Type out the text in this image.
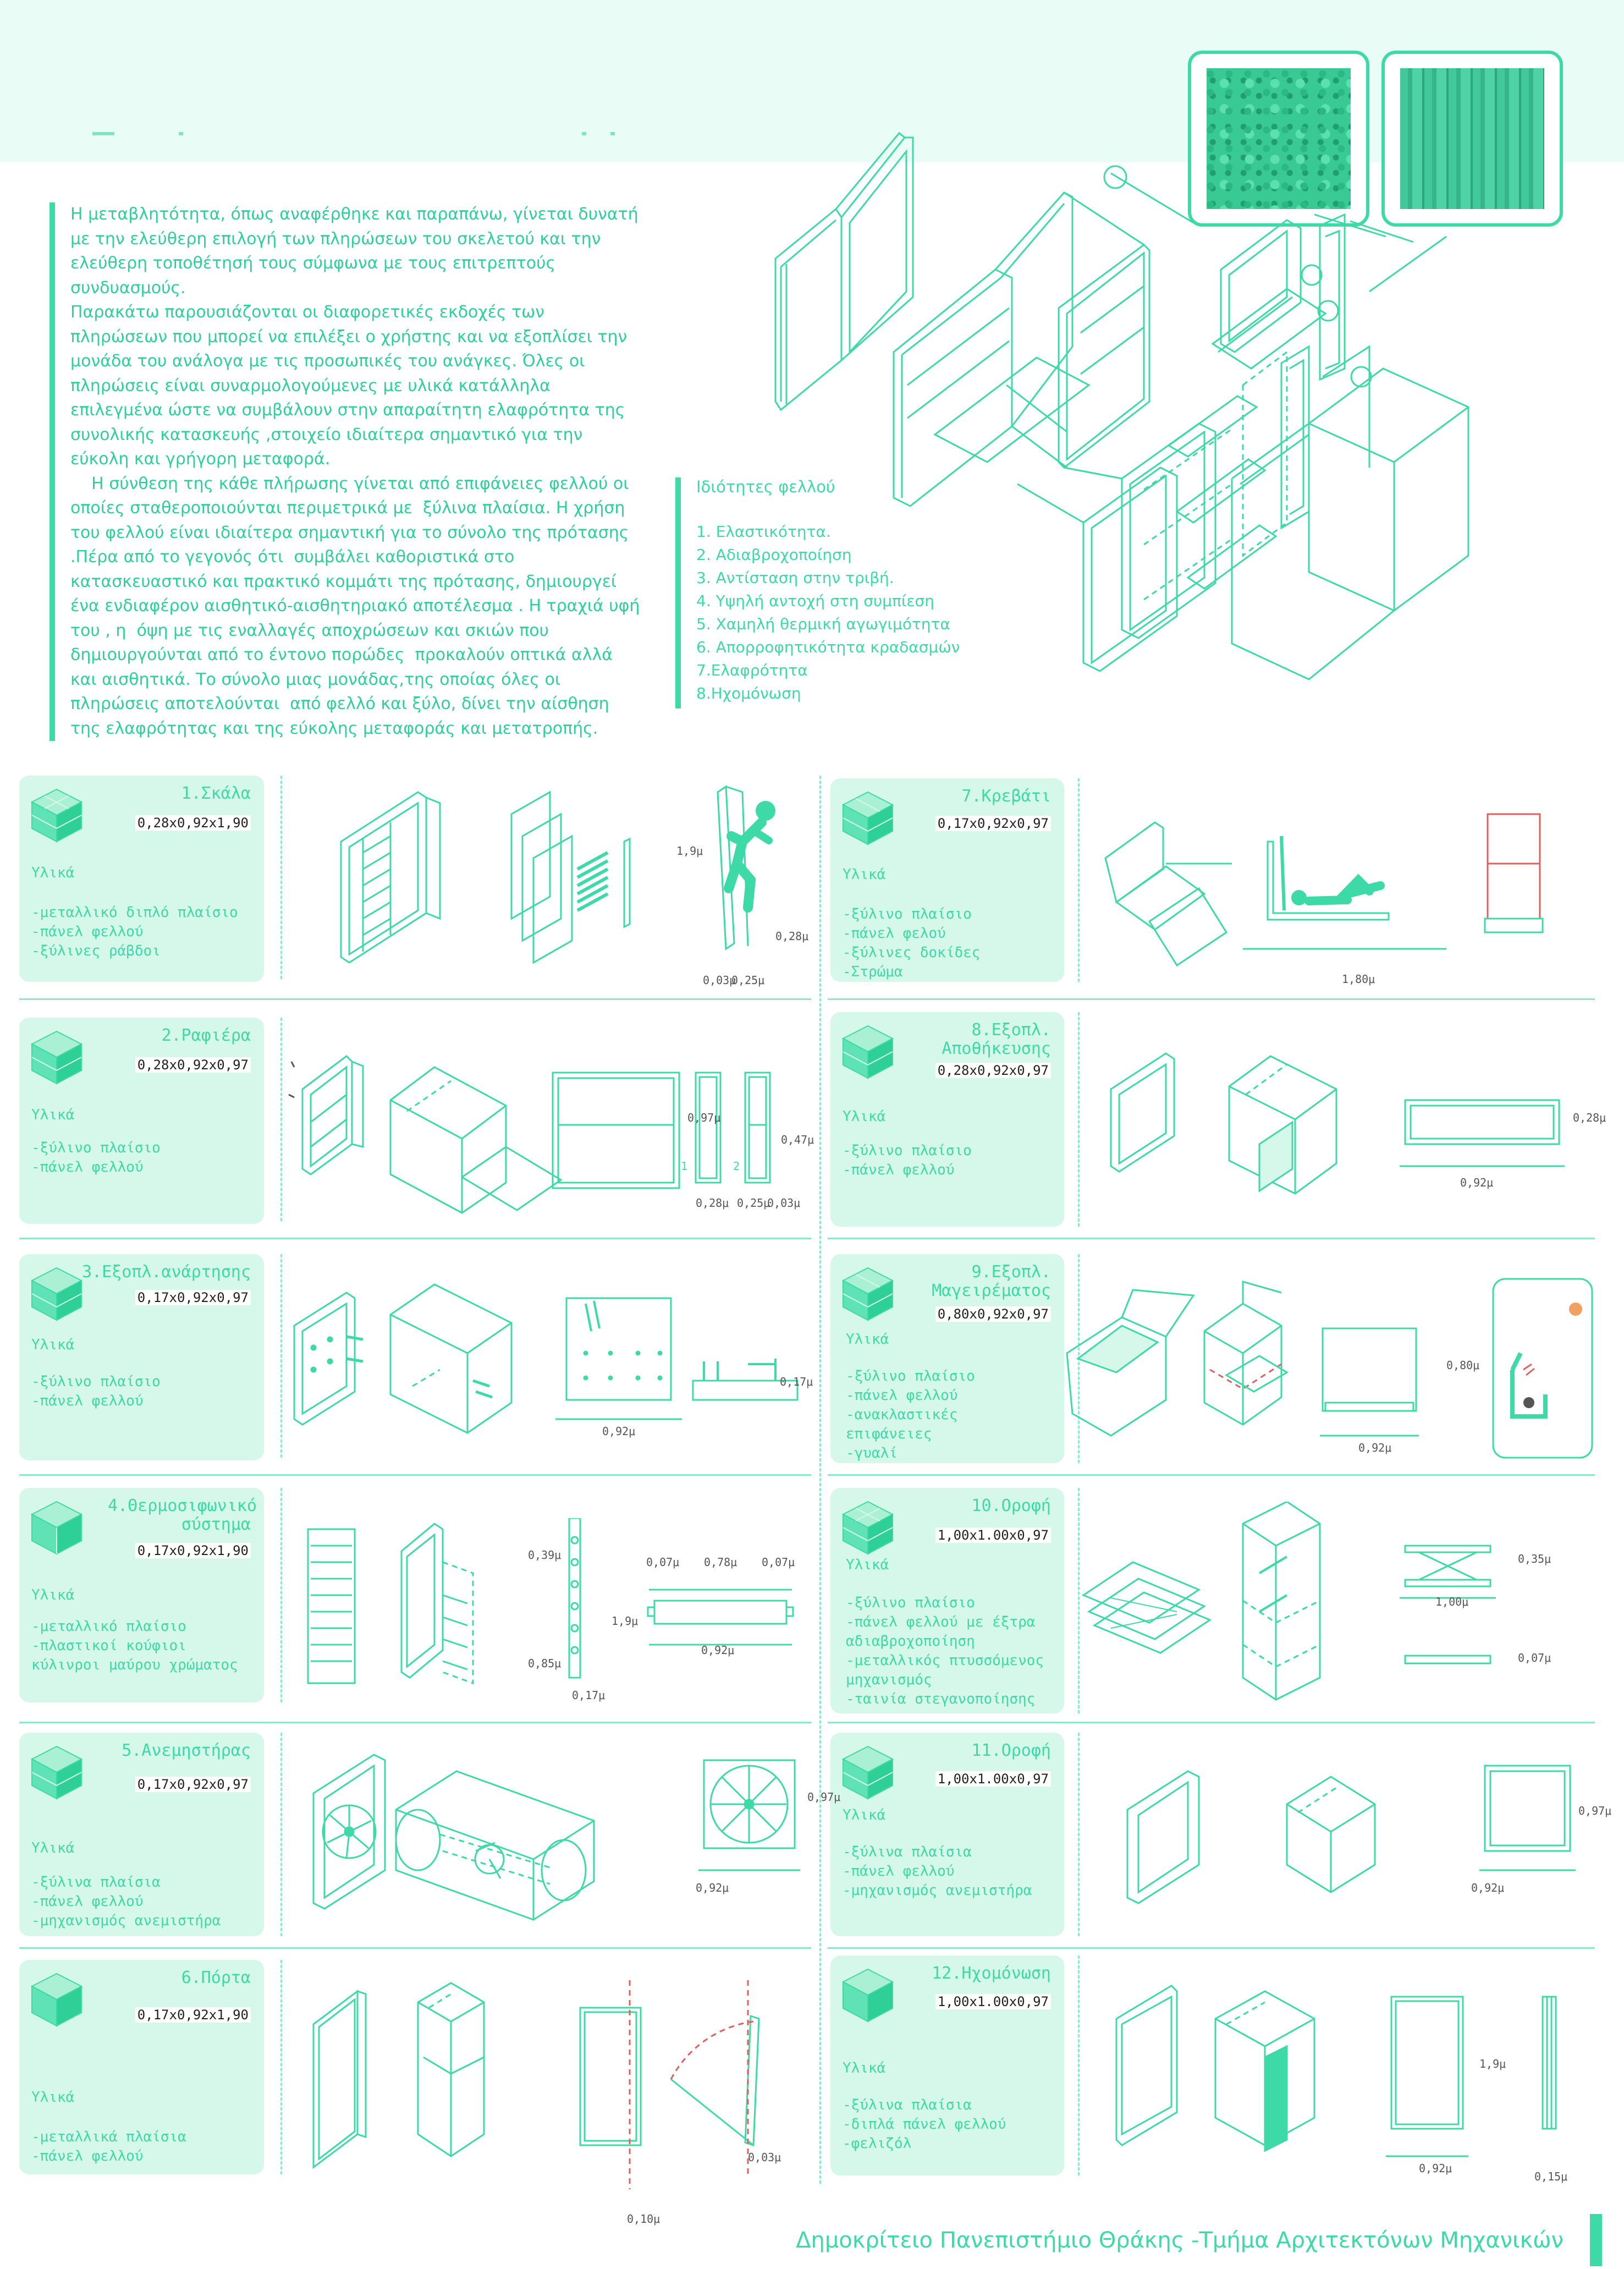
Η μεταβλητότητα, όπως αναφέρθηκε και παραπάνω, γίνεται δυνατή με την ελεύθερη επιλογή των πληρώσεων του σκελετού και την ελεύθερη τοποθέτησή τους σύμφωνα με τους επιτρεπτούς συνδυασμούς.

Παρακάτω παρουσιάζονται οι διαφορετικές εκδοχές των πληρώσεων που μπορεί να επιλέξει ο χρήστης και να εξοπλίσει την μονάδα του ανάλογα με τις προσωπικές του ανάγκες. Όλες οι πληρώσεις είναι συναρμολογούμενες με υλικά κατάλληλα επιλεγμένα ώστε να συμβάλουν στην απαραίτητη ελαφρότητα της συνολικής κατασκευής ,στοιχείο ιδιαίτερα σημαντικό για την εύκολη και γρήγορη μεταφορά.

Η σύνθεση της κάθε πλήρωσης γίνεται από επιφάνειες φελλού οι οποίες σταθεροποιούνται περιμετρικά με  ξύλινα πλαίσια. Η χρήση του φελλού είναι ιδιαίτερα σημαντική για το σύνολο της πρότασης .Πέρα από το γεγονός ότι  συμβάλει καθοριστικά στο κατασκευαστικό και πρακτικό κομμάτι της πρότασης, δημιουργεί ένα ενδιαφέρον αισθητικό-αισθητηριακό αποτέλεσμα . Η τραχιά υφή του , η  όψη με τις εναλλαγές αποχρώσεων και σκιών που δημιουργούνται από το έντονο πορώδες  προκαλούν οπτικά αλλά και αισθητικά. Το σύνολο μιας μονάδας,της οποίας όλες οι πληρώσεις αποτελούνται  από φελλό και ξύλο, δίνει την αίσθηση της ελαφρότητας και της εύκολης μεταφοράς και μετατροπής.

Ιδιότητες φελλού
1. Ελαστικότητα.
2. Αδιαβροχοποίηση
3. Αντίσταση στην τριβή.
4. Υψηλή αντοχή στη συμπίεση
5. Χαμηλή θερμική αγωγιμότητα
6. Απορροφητικότητα κραδασμών
7.Ελαφρότητα
8.Ηχομόνωση
1.Σκάλα
0,28x0,92x1,90
Υλικά
-μεταλλικό διπλό πλαίσιο
-πάνελ φελλού
-ξύλινες ράβδοι
2.Ραφιέρα
0,28x0,92x0,97
Υλικά
-ξύλινο πλαίσιο
-πάνελ φελλού
3.Εξοπλ.ανάρτησης
0,17x0,92x0,97
Υλικά
-ξύλινο πλαίσιο
-πάνελ φελλού
4.Θερμοσιφωνικό σύστημα
0,17x0,92x1,90
Υλικά
-μεταλλικό πλαίσιο
-πλαστικοί κούφιοι
κύλινροι μαύρου χρώματος
5.Ανεμηστήρας
0,17x0,92x0,97
Υλικά
-ξύλινα πλαίσια
-πάνελ φελλού
-μηχανισμός ανεμιστήρα
6.Πόρτα
0,17x0,92x1,90
Υλικά
-μεταλλικά πλαίσια
-πάνελ φελλού
7.Κρεβάτι
0,17x0,92x0,97
Υλικά
-ξύλινο πλαίσιο
-πάνελ φελού
-ξύλινες δοκίδες
-Στρώμα
8.Εξοπλ. Αποθήκευσης
0,28x0,92x0,97
Υλικά
-ξύλινο πλαίσιο
-πάνελ φελλού
9.Εξοπλ. Μαγειρέματος
0,80x0,92x0,97
Υλικά
-ξύλινο πλαίσιο
-πάνελ φελλού
-ανακλαστικές
επιφάνειες
-γυαλί
10.Οροφή
1,00x1.00x0,97
Υλικά
-ξύλινο πλαίσιο
-πάνελ φελλού με έξτρα
αδιαβροχοποίηση
-μεταλλικός πτυσσόμενος
μηχανισμός
-ταινία στεγανοποίησης
11.Οροφή
1,00x1.00x0,97
Υλικά
-ξύλινα πλαίσια
-πάνελ φελλού
-μηχανισμός ανεμιστήρα
12.Ηχομόνωση
1,00x1.00x0,97
Υλικά
-ξύλινα πλαίσια
-διπλά πάνελ φελλού
-φελιζόλ
1,9μ
0,28μ
0,03μ
0,25μ	1,80μ
0,97μ
0,47μ
0,28μ 0,25μ
0,03μ
1	2
0,92μ
0,28μ
0,92μ
0,17μ
0,92μ
0,80μ
0,39μ
0,85μ
1,9μ
0,17μ
0,07μ 0,78μ 0,07μ
0,92μ
1,00μ
0,35μ
0,07μ
0,97μ
0,92μ	0,92μ
0,97μ
0,03μ
0,10μ
1,9μ
0,92μ
0,15μ
Δημοκρίτειο Πανεπιστήμιο Θράκης -Τμήμα Αρχιτεκτόνων Μηχανικών
